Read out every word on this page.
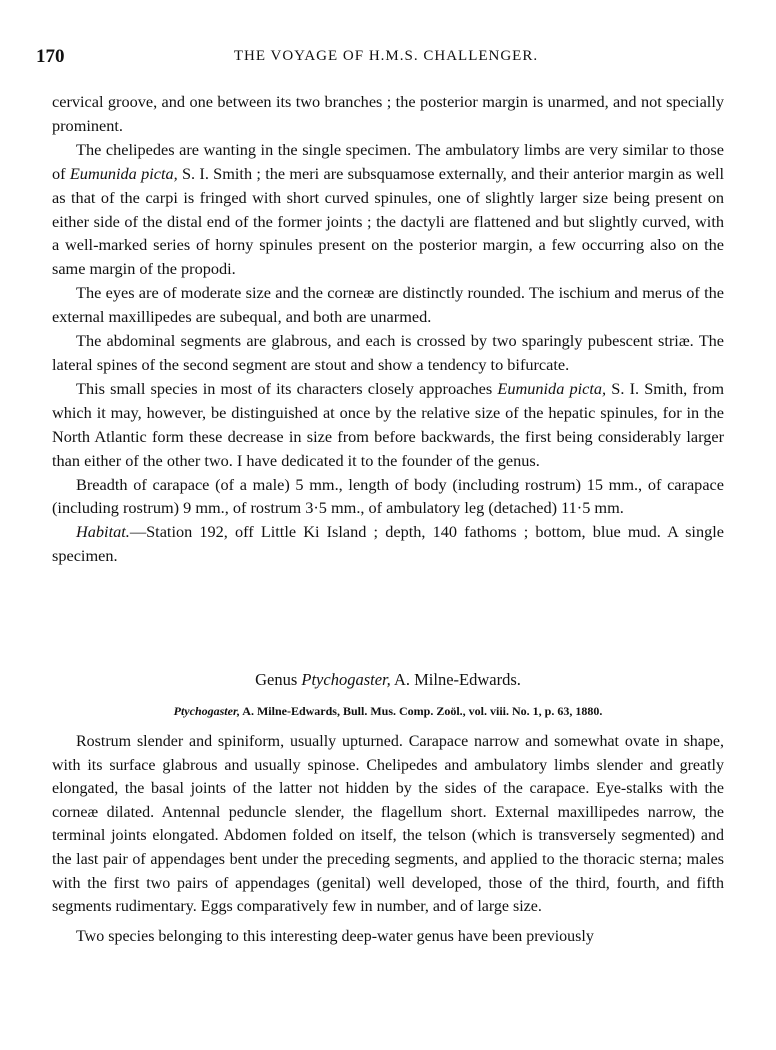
170	THE VOYAGE OF H.M.S. CHALLENGER.

cervical groove, and one between its two branches ; the posterior margin is unarmed, and not specially prominent.

The chelipedes are wanting in the single specimen. The ambulatory limbs are very similar to those of Eumunida picta, S. I. Smith ; the meri are subsquamose externally, and their anterior margin as well as that of the carpi is fringed with short curved spinules, one of slightly larger size being present on either side of the distal end of the former joints ; the dactyli are flattened and but slightly curved, with a well-marked series of horny spinules present on the posterior margin, a few occurring also on the same margin of the propodi.

The eyes are of moderate size and the corneæ are distinctly rounded. The ischium and merus of the external maxillipedes are subequal, and both are unarmed.

The abdominal segments are glabrous, and each is crossed by two sparingly pubescent striæ. The lateral spines of the second segment are stout and show a tendency to bifurcate.

This small species in most of its characters closely approaches Eumunida picta, S. I. Smith, from which it may, however, be distinguished at once by the relative size of the hepatic spinules, for in the North Atlantic form these decrease in size from before backwards, the first being considerably larger than either of the other two. I have dedicated it to the founder of the genus.

Breadth of carapace (of a male) 5 mm., length of body (including rostrum) 15 mm., of carapace (including rostrum) 9 mm., of rostrum 3·5 mm., of ambulatory leg (detached) 11·5 mm.

Habitat.—Station 192, off Little Ki Island ; depth, 140 fathoms ; bottom, blue mud. A single specimen.

Genus Ptychogaster, A. Milne-Edwards.
Ptychogaster, A. Milne-Edwards, Bull. Mus. Comp. Zoöl., vol. viii. No. 1, p. 63, 1880.

Rostrum slender and spiniform, usually upturned. Carapace narrow and somewhat ovate in shape, with its surface glabrous and usually spinose. Chelipedes and ambulatory limbs slender and greatly elongated, the basal joints of the latter not hidden by the sides of the carapace. Eye-stalks with the corneæ dilated. Antennal peduncle slender, the flagellum short. External maxillipedes narrow, the terminal joints elongated. Abdomen folded on itself, the telson (which is transversely segmented) and the last pair of appendages bent under the preceding segments, and applied to the thoracic sterna; males with the first two pairs of appendages (genital) well developed, those of the third, fourth, and fifth segments rudimentary. Eggs comparatively few in number, and of large size.

Two species belonging to this interesting deep-water genus have been previously
